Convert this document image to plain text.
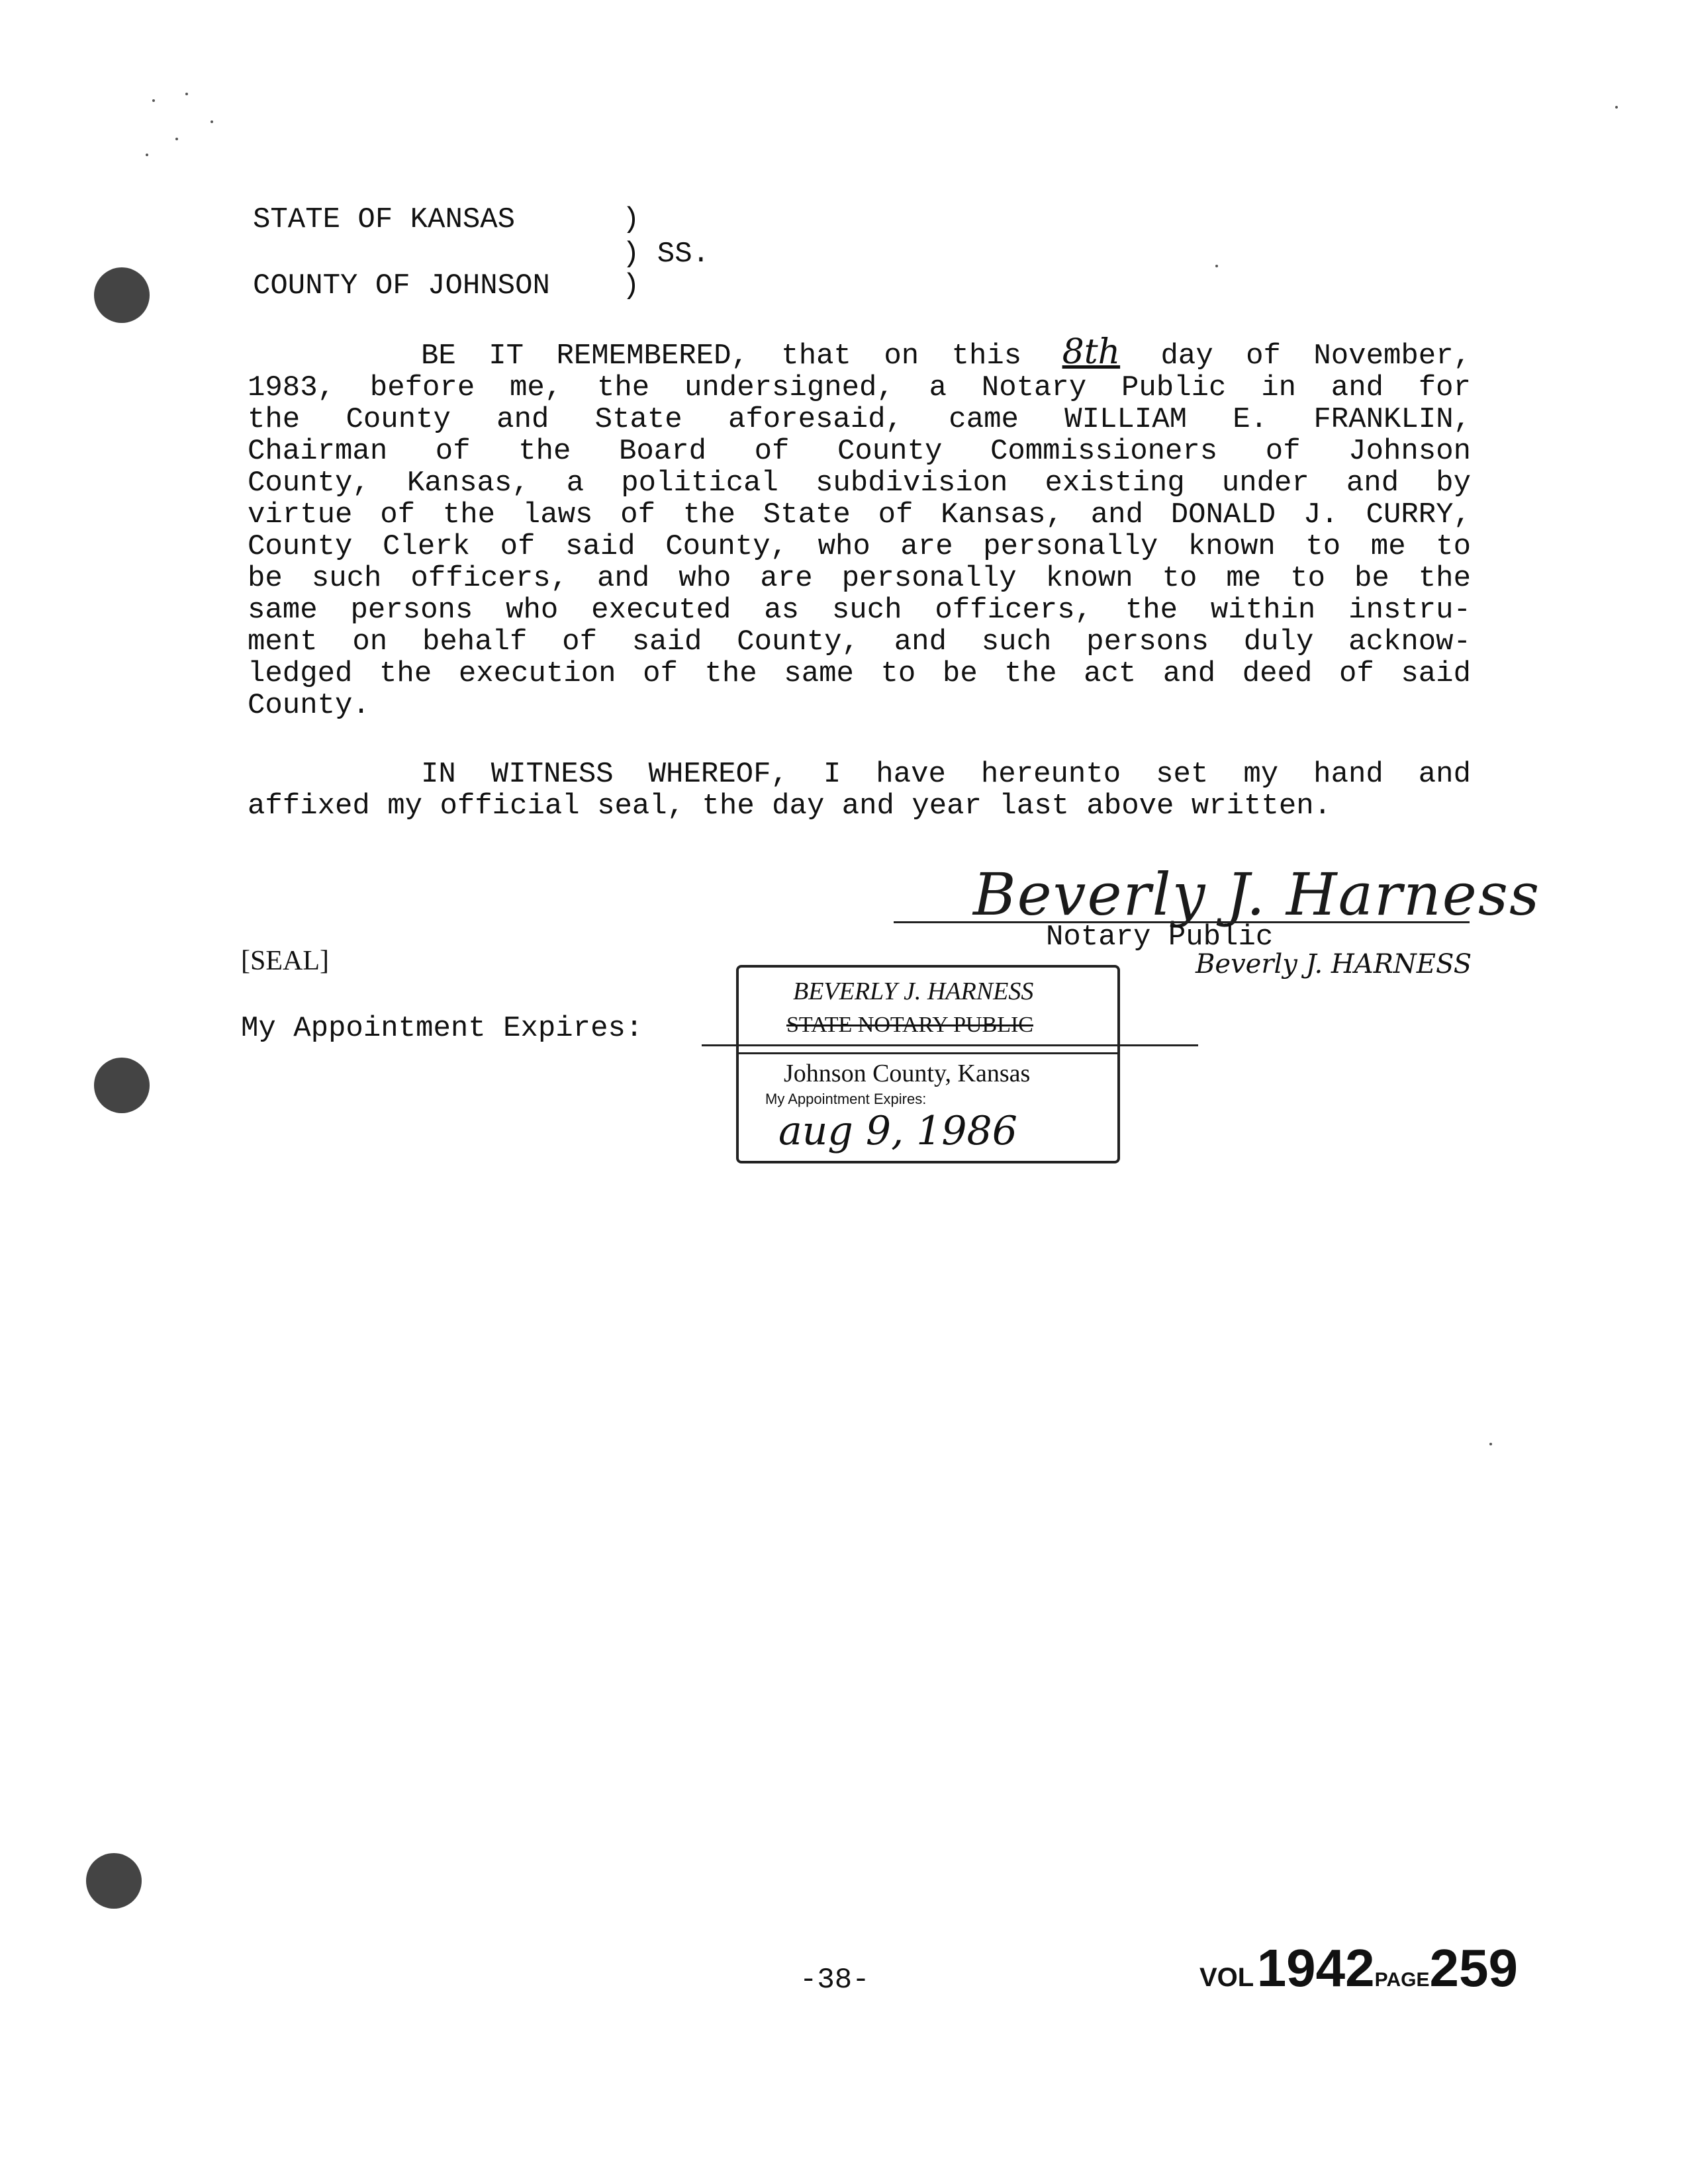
STATE OF KANSAS	)
) SS.
COUNTY OF JOHNSON )
BE IT REMEMBERED, that on this 8th day of November,
1983, before me, the undersigned, a Notary Public in and for
the County and State aforesaid, came WILLIAM E. FRANKLIN,
Chairman of the Board of County Commissioners of Johnson
County, Kansas, a political subdivision existing under and by
virtue of the laws of the State of Kansas, and DONALD J. CURRY,
County Clerk of said County, who are personally known to me to
be such officers, and who are personally known to me to be the
same persons who executed as such officers, the within instru-
ment on behalf of said County, and such persons duly acknow-
ledged the execution of the same to be the act and deed of said
County.
IN WITNESS WHEREOF, I have hereunto set my hand and
affixed my official seal, the day and year last above written.
Beverly J. Harness
Notary Public
Beverly J. HARNESS
[SEAL]
My Appointment Expires:
BEVERLY J. HARNESS
STATE NOTARY PUBLIC
Johnson County, Kansas
My Appointment Expires:
aug 9, 1986
-38-	VOL 1942PAGE259
